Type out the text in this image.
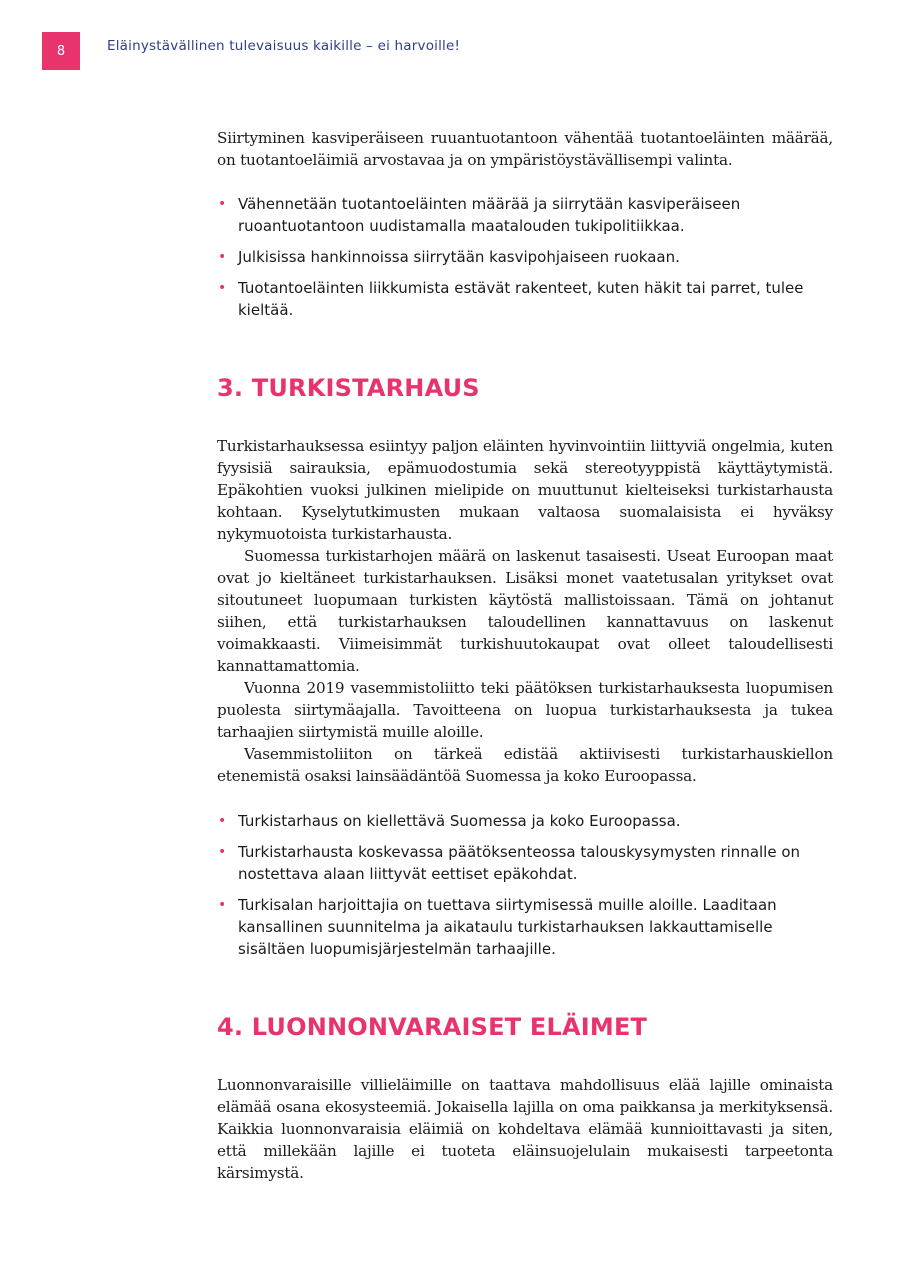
8	Eläinystävällinen tulevaisuus kaikille – ei harvoille!

Siirtyminen kasviperäiseen ruuantuotantoon vähentää tuotantoeläinten määrää, on tuotantoeläimiä arvostavaa ja on ympäristöystävällisempi valinta.

• Vähennetään tuotantoeläinten määrää ja siirrytään kasviperäiseen ruoantuotantoon uudistamalla maatalouden tukipolitiikkaa.
• Julkisissa hankinnoissa siirrytään kasvipohjaiseen ruokaan.
• Tuotantoeläinten liikkumista estävät rakenteet, kuten häkit tai parret, tulee kieltää.
3. TURKISTARHAUS

Turkistarhauksessa esiintyy paljon eläinten hyvinvointiin liittyviä ongelmia, kuten fyysisiä sairauksia, epämuodostumia sekä stereotyyppistä käyttäytymistä. Epäkohtien vuoksi julkinen mielipide on muuttunut kielteiseksi turkistarhausta kohtaan. Kyselytutkimusten mukaan valtaosa suomalaisista ei hyväksy nykymuotoista turkistarhausta.

Suomessa turkistarhojen määrä on laskenut tasaisesti. Useat Euroopan maat ovat jo kieltäneet turkistarhauksen. Lisäksi monet vaatetusalan yritykset ovat sitoutuneet luopumaan turkisten käytöstä mallistoissaan. Tämä on johtanut siihen, että turkistarhauksen taloudellinen kannattavuus on laskenut voimakkaasti. Viimeisimmät turkishuutokaupat ovat olleet taloudellisesti kannattamattomia.

Vuonna 2019 vasemmistoliitto teki päätöksen turkistarhauksesta luopumisen puolesta siirtymäajalla. Tavoitteena on luopua turkistarhauksesta ja tukea tarhaajien siirtymistä muille aloille.

Vasemmistoliiton on tärkeä edistää aktiivisesti turkistarhauskiellon etenemistä osaksi lainsäädäntöä Suomessa ja koko Euroopassa.

• Turkistarhaus on kiellettävä Suomessa ja koko Euroopassa.
• Turkistarhausta koskevassa päätöksenteossa talouskysymysten rinnalle on nostettava alaan liittyvät eettiset epäkohdat.
• Turkisalan harjoittajia on tuettava siirtymisessä muille aloille. Laaditaan kansallinen suunnitelma ja aikataulu turkistarhauksen lakkauttamiselle sisältäen luopumisjärjestelmän tarhaajille.
4. LUONNONVARAISET ELÄIMET

Luonnonvaraisille villieläimille on taattava mahdollisuus elää lajille ominaista elämää osana ekosysteemiä. Jokaisella lajilla on oma paikkansa ja merkityksensä. Kaikkia luonnonvaraisia eläimiä on kohdeltava elämää kunnioittavasti ja siten, että millekään lajille ei tuoteta eläinsuojelulain mukaisesti tarpeetonta kärsimystä.
